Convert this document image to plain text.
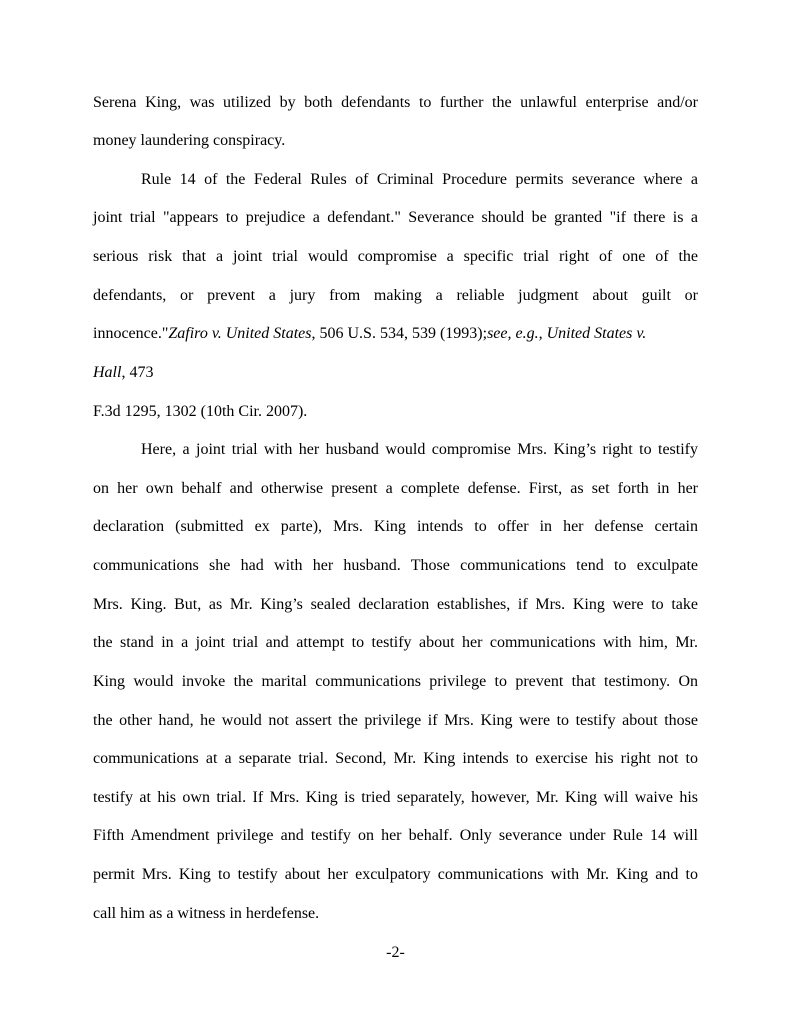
Serena King, was utilized by both defendants to further the unlawful enterprise and/or
money laundering conspiracy.
Rule 14 of the Federal Rules of Criminal Procedure permits severance where a
joint trial "appears to prejudice a defendant." Severance should be granted "if there is a
serious risk that a joint trial would compromise a specific trial right of one of the
defendants, or prevent a jury from making a reliable judgment about guilt or
innocence."Zafiro v. United States, 506 U.S. 534, 539 (1993);see, e.g., United States v.
Hall, 473
F.3d 1295, 1302 (10th Cir. 2007).
Here, a joint trial with her husband would compromise Mrs. King’s right to testify
on her own behalf and otherwise present a complete defense. First, as set forth in her
declaration (submitted ex parte), Mrs. King intends to offer in her defense certain
communications she had with her husband. Those communications tend to exculpate
Mrs. King. But, as Mr. King’s sealed declaration establishes, if Mrs. King were to take
the stand in a joint trial and attempt to testify about her communications with him, Mr.
King would invoke the marital communications privilege to prevent that testimony. On
the other hand, he would not assert the privilege if Mrs. King were to testify about those
communications at a separate trial. Second, Mr. King intends to exercise his right not to
testify at his own trial. If Mrs. King is tried separately, however, Mr. King will waive his
Fifth Amendment privilege and testify on her behalf. Only severance under Rule 14 will
permit Mrs. King to testify about her exculpatory communications with Mr. King and to
call him as a witness in herdefense.
-2-
